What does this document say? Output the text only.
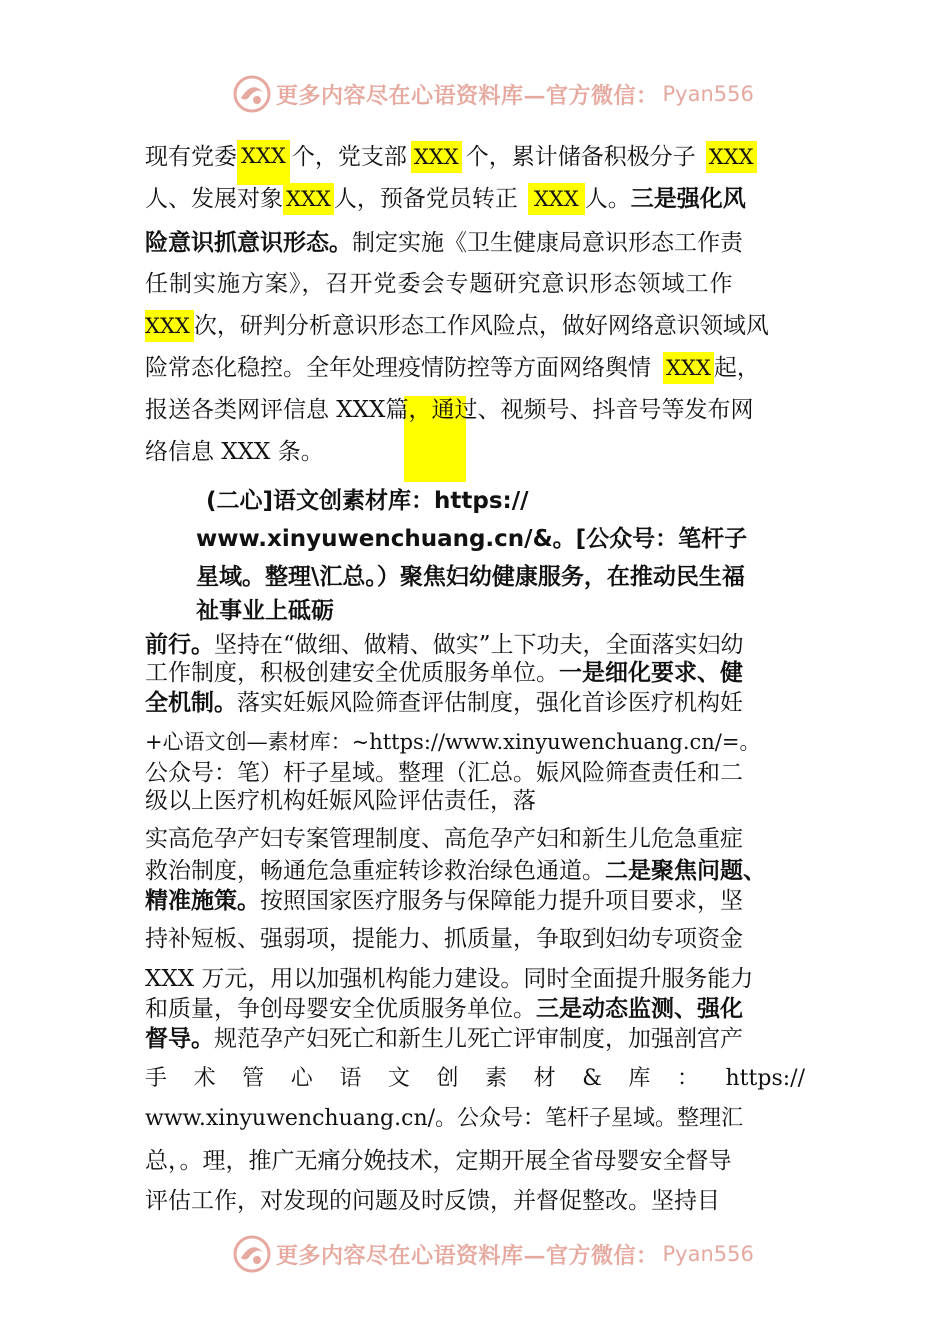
更多内容尽在心语资料库—官方微信： Pyan556
现有党委 XXX 个，党支部 XXX 个，累计储备积极分子 XXX
人、发展对象 XXX 人，预备党员转正 XXX 人。三是强化风
险意识抓意识形态。制定实施《卫生健康局意识形态工作责
任制实施方案》，召开党委会专题研究意识形态领域工作
XXX 次，研判分析意识形态工作风险点，做好网络意识领域风
险常态化稳控。全年处理疫情防控等方面网络舆情 XXX 起，
报送各类网评信息 XXX篇，通过、视频号、抖音号等发布网
络信息 XXX 条。
(二心]语文创素材库：https://
www.xinyuwenchuang.cn/&。[公众号：笔杆子
星域。整理\汇总。）聚焦妇幼健康服务，在推动民生福
祉事业上砥砺
前行。坚持在“做细、做精、做实”上下功夫，全面落实妇幼
工作制度，积极创建安全优质服务单位。一是细化要求、健
全机制。落实妊娠风险筛查评估制度，强化首诊医疗机构妊
+心语文创—素材库：~https://www.xinyuwenchuang.cn/=。
公众号：笔）杆子星域。整理（汇总。娠风险筛查责任和二
级以上医疗机构妊娠风险评估责任，落
实高危孕产妇专案管理制度、高危孕产妇和新生儿危急重症
救治制度，畅通危急重症转诊救治绿色通道。二是聚焦问题、
精准施策。按照国家医疗服务与保障能力提升项目要求，坚
持补短板、强弱项，提能力、抓质量，争取到妇幼专项资金
XXX 万元，用以加强机构能力建设。同时全面提升服务能力
和质量，争创母婴安全优质服务单位。三是动态监测、强化
督导。规范孕产妇死亡和新生儿死亡评审制度，加强剖宫产
手 术 管 心 语 文 创 素 材 & 库 ： https://
www.xinyuwenchuang.cn/。公众号：笔杆子星域。整理汇
总，。理，推广无痛分娩技术，定期开展全省母婴安全督导
评估工作，对发现的问题及时反馈，并督促整改。坚持目
更多内容尽在心语资料库—官方微信： Pyan556
